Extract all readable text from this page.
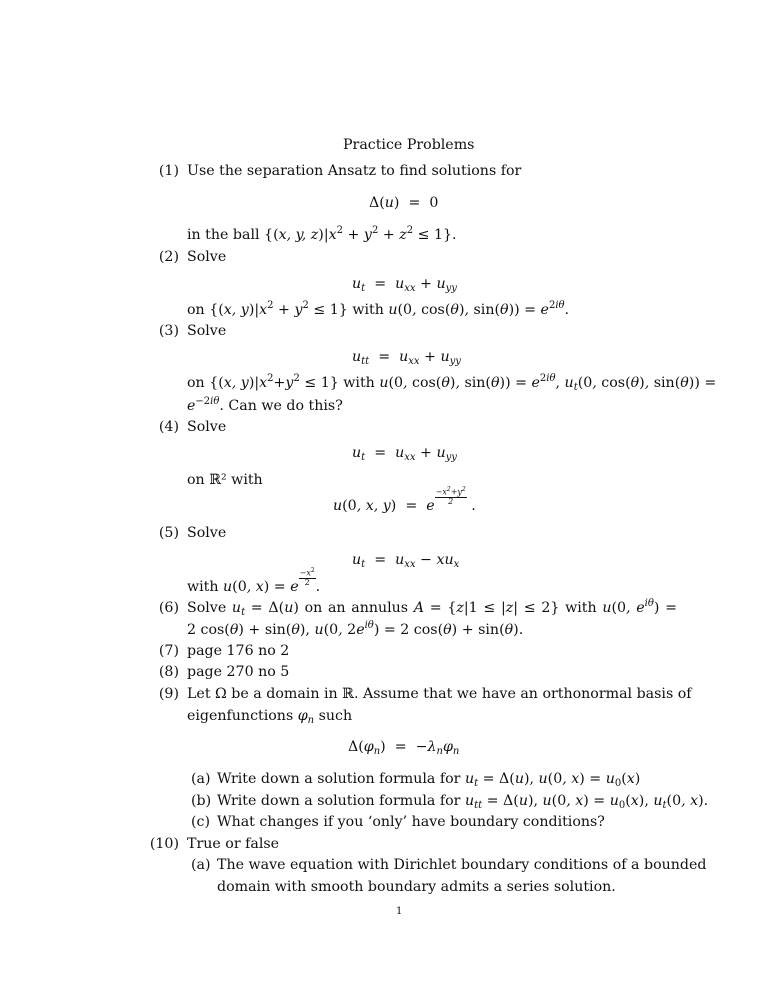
Practice Problems
(1) Use the separation Ansatz to find solutions for
Δ(u)  =  0
in the ball {(x, y, $z)|x^2 + y^2 + z^2 \le 1$}.
(2) Solve
$u_t = u_{xx} + u_{yy}$
on {(x, $y)|x^2 + y^2 \le 1$} with u(0, cos(θ), $\sin(\theta)) = e^{2i\theta}$.
(3) Solve
$u_{tt} = u_{xx} + u_{yy}$
on {(x, $y)|x^2+y^2 \le 1$} with u(0, cos(θ), $\sin(\theta)) = e^{2i\theta}$, $u_t(0$, cos(θ), sin(θ)) =
$e^{-2i\theta}$. Can we do this?
(4) Solve
$u_t = u_{xx} + u_{yy}$
on ℝ² with
u(0, x, y)  =  e
$\frac{-x^2+y^2}{2}$
.
(5) Solve
$u_t = u_{xx} - xu_x$
with u(0, x) = e
$\frac{-x^2}{2}$
.
(6) Solve $u_t = \Delta(u)$ on an annulus A = {z|1 ≤ |z| ≤ 2} with u(0, $e^{i\theta}$) =
2 cos(θ) + sin(θ), u(0, $2e^{i\theta}) = 2$ cos(θ) + sin(θ).
(7) page 176 no 2
(8) page 270 no 5
(9) Let Ω be a domain in ℝ. Assume that we have an orthonormal basis of
eigenfunctions $\varphi_n$ such
$\Delta(\varphi_n) = -\lambda_n\varphi_n$
(a) Write down a solution formula for $u_t = \Delta(u)$, u(0, $x) = u_0(x)$
(b) Write down a solution formula for $u_{tt} = \Delta(u)$, u(0, $x) = u_0(x)$, $u_t(0$, x).
(c) What changes if you ‘only’ have boundary conditions?
(10) True or false
(a) The wave equation with Dirichlet boundary conditions of a bounded
domain with smooth boundary admits a series solution.
1
